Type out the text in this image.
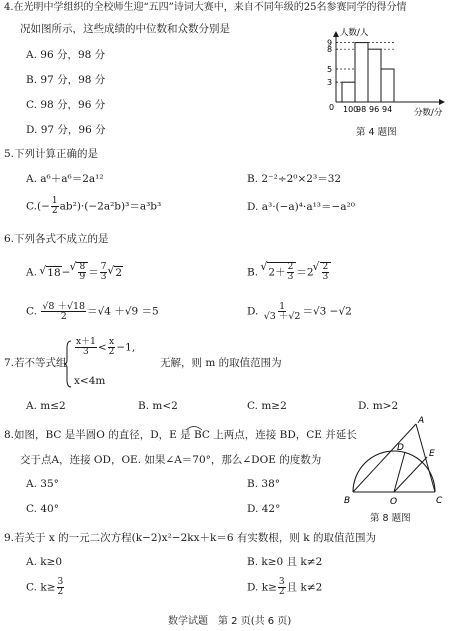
4.在光明中学组织的全校师生迎“五四”诗词大赛中，来自不同年级的25名参赛同学的得分情
况如图所示，这些成绩的中位数和众数分别是
A. 96 分，98 分
B. 97 分，98 分
C. 98 分，96 分
D. 97 分，96 分
人数/人
分数/分
0
3
5
8
9
100
98 96 94
第 4 题图
5.下列计算正确的是
A. a⁶＋a⁶＝2a¹²	B. 2⁻²÷2⁰×2³＝32
$C.(- \frac{1}{2} ab^2)\cdot(-2a^2b)^3=a^3b^3$	D. a³·(−a)⁴·a¹³＝−a²⁰
6.下列各式不成立的是
A. √ 18− √ $\frac{8}{9} = \frac{7}{3}$ √ 2	B. √ $2+ \frac{2}{3} =2$ √ $\frac{2}{3}$
C. $\frac{√8 +√18}{2} =√4 +√9 =5$	D. $\frac{1}{√3 +√2} =√3 -√2$
7.若不等式组
$\frac{x+1}{3} < \frac{x}{2} -1$,
x<4m
无解，则 m 的取值范围为
A. m≤2	B. m<2	C. m≥2	D. m>2
8.如图，BC 是半圆O 的直径，D，E 是 BC 上两点，连接 BD，CE 并延长
交于点A，连接 OD，OE. 如果∠A＝70°，那么∠DOE 的度数为
A. 35°	B. 38°
C. 40°	D. 42°
A
B	C
D
E
O
第 8 题图
9.若关于 x 的一元二次方程(k−2)x²−2kx＋k＝6 有实数根，则 k 的取值范围为
A. k≥0	B. k≥0 且 k≠2
C. $k\ge \frac{3}{2}$	D. $k\ge \frac{3}{2}$ 且 k≠2
数学试题　第 2 页(共 6 页)
